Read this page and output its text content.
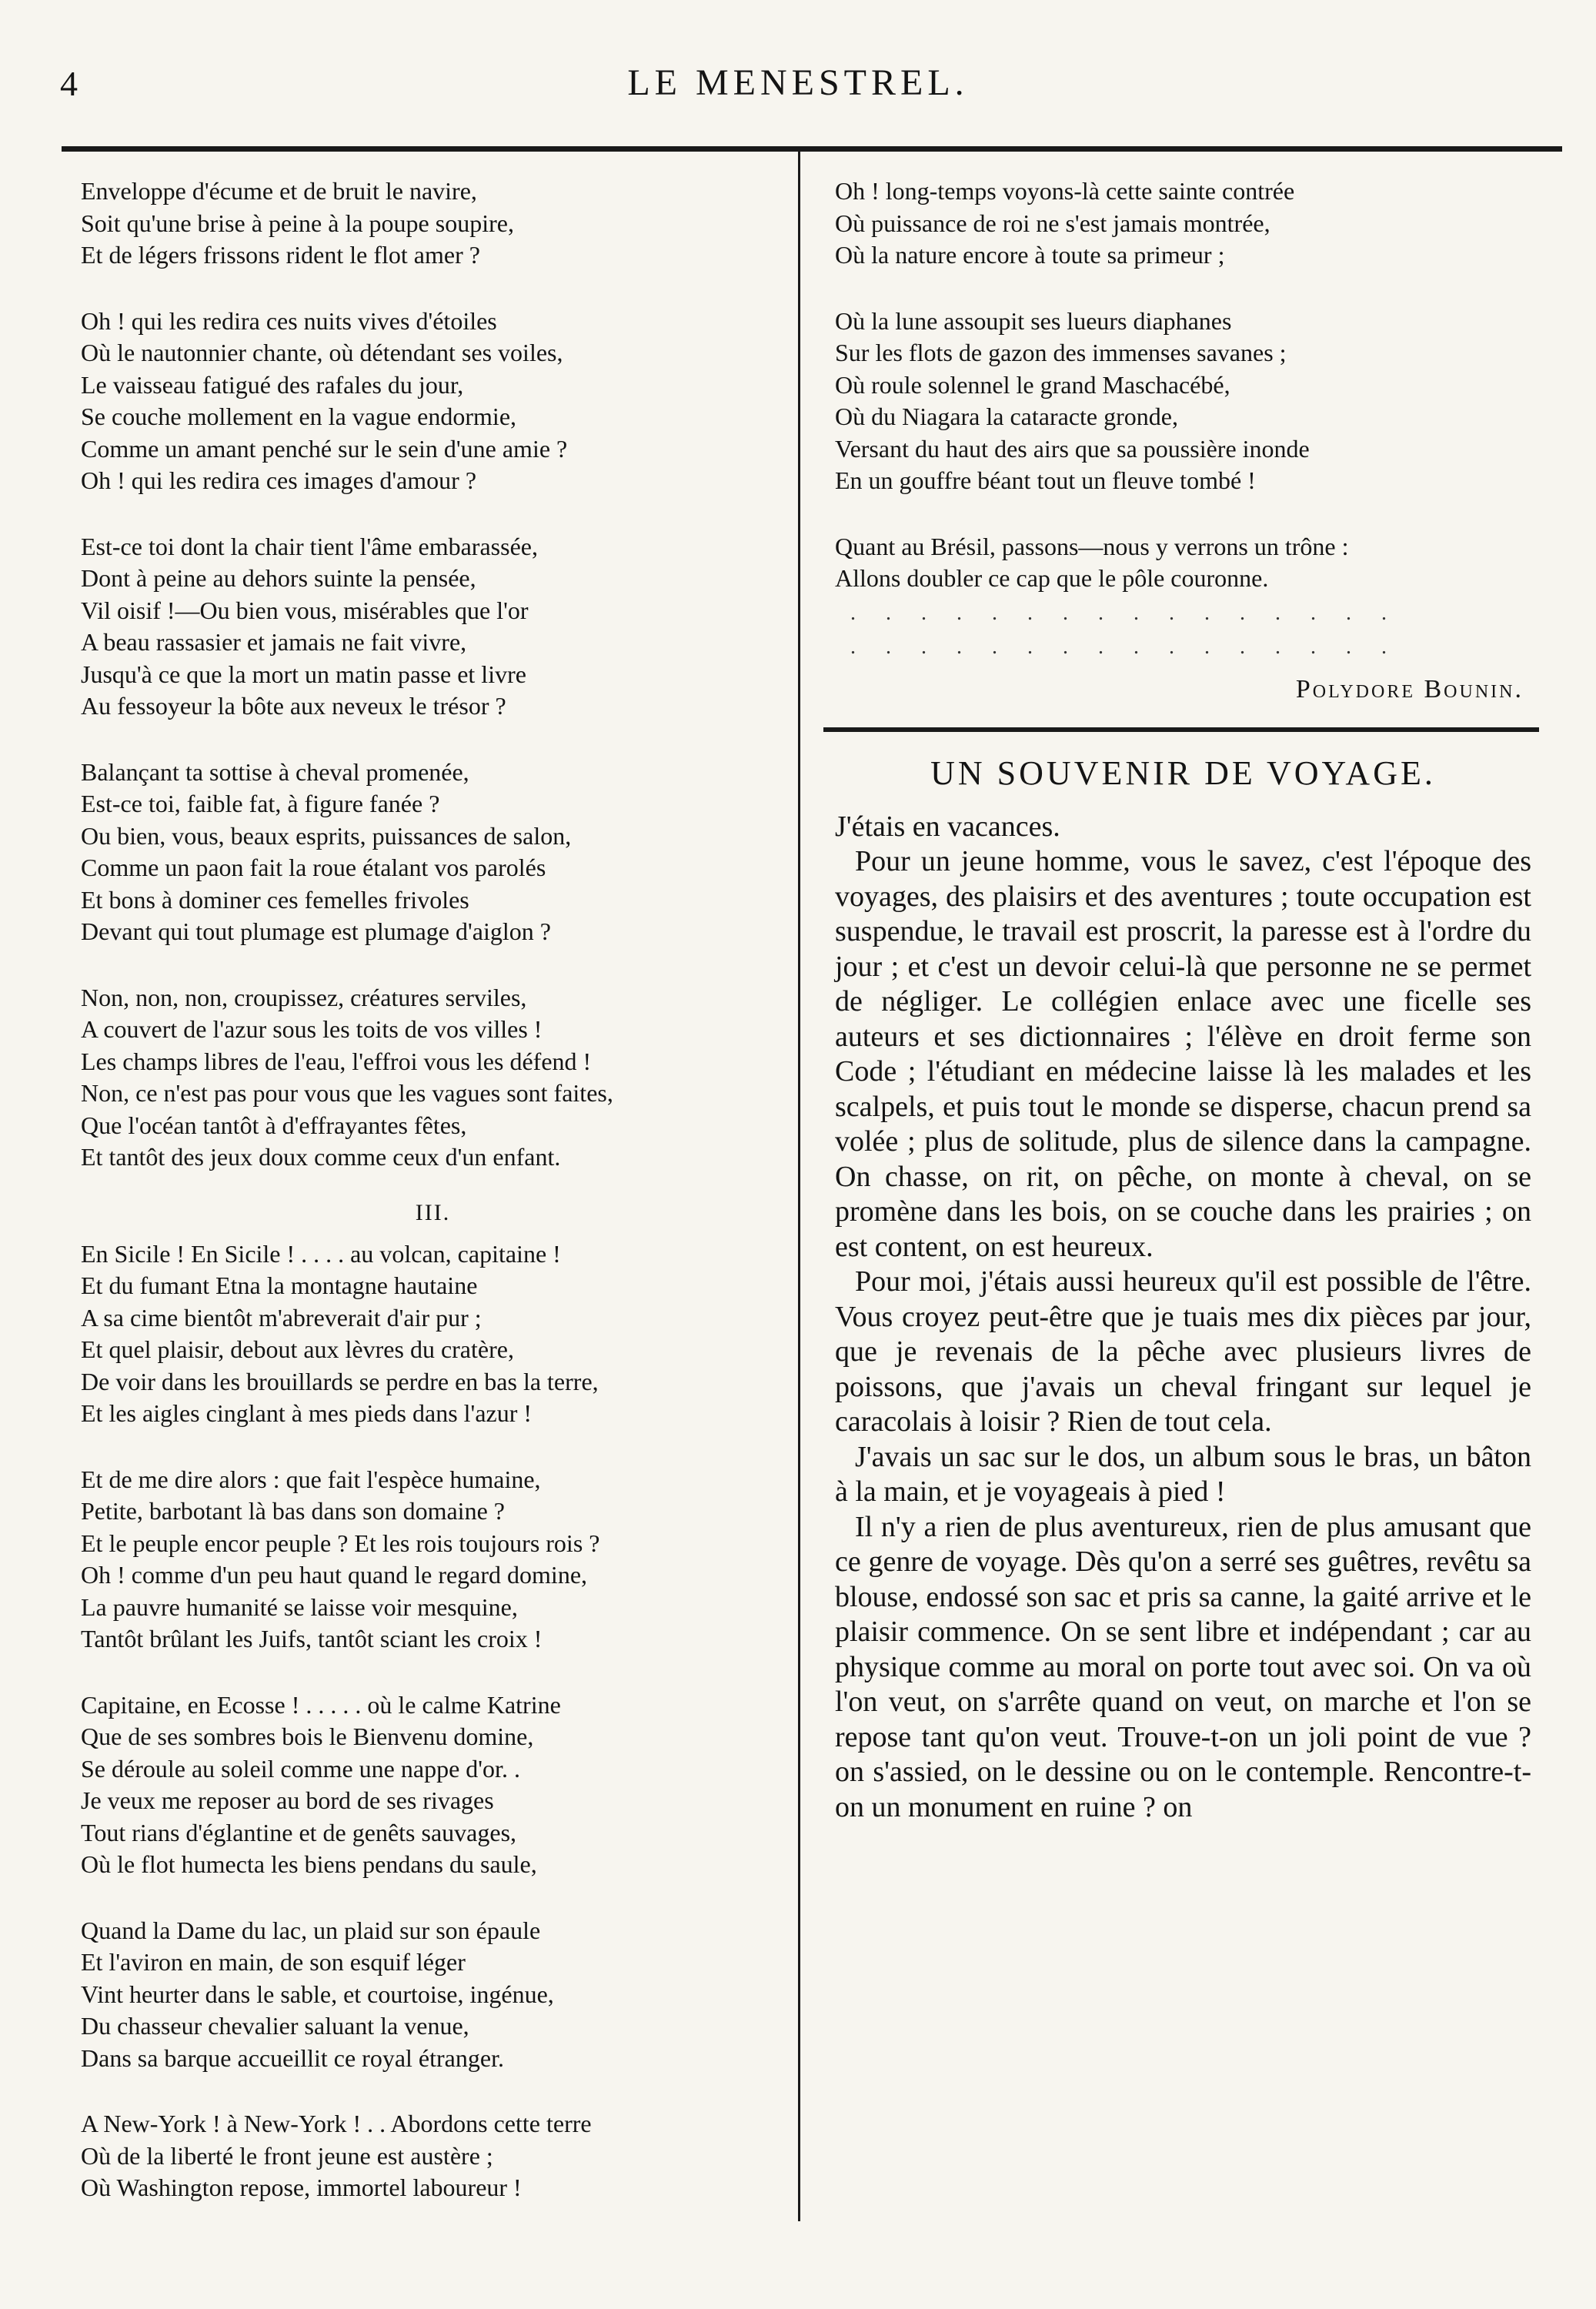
4	LE MENESTREL.
Enveloppe d'écume et de bruit le navire,
Soit qu'une brise à peine à la poupe soupire,
Et de légers frissons rident le flot amer ?
Oh ! qui les redira ces nuits vives d'étoiles
Où le nautonnier chante, où détendant ses voiles,
Le vaisseau fatigué des rafales du jour,
Se couche mollement en la vague endormie,
Comme un amant penché sur le sein d'une amie ?
Oh ! qui les redira ces images d'amour ?
Est-ce toi dont la chair tient l'âme embarassée,
Dont à peine au dehors suinte la pensée,
Vil oisif !—Ou bien vous, misérables que l'or
A beau rassasier et jamais ne fait vivre,
Jusqu'à ce que la mort un matin passe et livre
Au fessoyeur la bôte aux neveux le trésor ?
Balançant ta sottise à cheval promenée,
Est-ce toi, faible fat, à figure fanée ?
Ou bien, vous, beaux esprits, puissances de salon,
Comme un paon fait la roue étalant vos parolés
Et bons à dominer ces femelles frivoles
Devant qui tout plumage est plumage d'aiglon ?
Non, non, non, croupissez, créatures serviles,
A couvert de l'azur sous les toits de vos villes !
Les champs libres de l'eau, l'effroi vous les défend !
Non, ce n'est pas pour vous que les vagues sont faites,
Que l'océan tantôt à d'effrayantes fêtes,
Et tantôt des jeux doux comme ceux d'un enfant.
III.
En Sicile ! En Sicile ! . . . . au volcan, capitaine !
Et du fumant Etna la montagne hautaine
A sa cime bientôt m'abreverait d'air pur ;
Et quel plaisir, debout aux lèvres du cratère,
De voir dans les brouillards se perdre en bas la terre,
Et les aigles cinglant à mes pieds dans l'azur !
Et de me dire alors : que fait l'espèce humaine,
Petite, barbotant là bas dans son domaine ?
Et le peuple encor peuple ? Et les rois toujours rois ?
Oh ! comme d'un peu haut quand le regard domine,
La pauvre humanité se laisse voir mesquine,
Tantôt brûlant les Juifs, tantôt sciant les croix !
Capitaine, en Ecosse ! . . . . . où le calme Katrine
Que de ses sombres bois le Bienvenu domine,
Se déroule au soleil comme une nappe d'or. .
Je veux me reposer au bord de ses rivages
Tout rians d'églantine et de genêts sauvages,
Où le flot humecta les biens pendans du saule,
Quand la Dame du lac, un plaid sur son épaule
Et l'aviron en main, de son esquif léger
Vint heurter dans le sable, et courtoise, ingénue,
Du chasseur chevalier saluant la venue,
Dans sa barque accueillit ce royal étranger.
A New-York ! à New-York ! . . Abordons cette terre
Où de la liberté le front jeune est austère ;
Où Washington repose, immortel laboureur !
Oh ! long-temps voyons-là cette sainte contrée
Où puissance de roi ne s'est jamais montrée,
Où la nature encore à toute sa primeur ;
Où la lune assoupit ses lueurs diaphanes
Sur les flots de gazon des immenses savanes ;
Où roule solennel le grand Maschacébé,
Où du Niagara la cataracte gronde,
Versant du haut des airs que sa poussière inonde
En un gouffre béant tout un fleuve tombé !
Quant au Brésil, passons—nous y verrons un trône :
Allons doubler ce cap que le pôle couronne.
. . . . . . . . . . . . . . . .
. . . . . . . . . . . . . . . .
Polydore Bounin.
UN SOUVENIR DE VOYAGE.

J'étais en vacances.

Pour un jeune homme, vous le savez, c'est l'époque des voyages, des plaisirs et des aventures ; toute occupation est suspendue, le travail est proscrit, la paresse est à l'ordre du jour ; et c'est un devoir celui-là que personne ne se permet de négliger. Le collégien enlace avec une ficelle ses auteurs et ses dictionnaires ; l'élève en droit ferme son Code ; l'étudiant en médecine laisse là les malades et les scalpels, et puis tout le monde se disperse, chacun prend sa volée ; plus de solitude, plus de silence dans la campagne. On chasse, on rit, on pêche, on monte à cheval, on se promène dans les bois, on se couche dans les prairies ; on est content, on est heureux.

Pour moi, j'étais aussi heureux qu'il est possible de l'être. Vous croyez peut-être que je tuais mes dix pièces par jour, que je revenais de la pêche avec plusieurs livres de poissons, que j'avais un cheval fringant sur lequel je caracolais à loisir ? Rien de tout cela.

J'avais un sac sur le dos, un album sous le bras, un bâton à la main, et je voyageais à pied !

Il n'y a rien de plus aventureux, rien de plus amusant que ce genre de voyage. Dès qu'on a serré ses guêtres, revêtu sa blouse, endossé son sac et pris sa canne, la gaité arrive et le plaisir commence. On se sent libre et indépendant ; car au physique comme au moral on porte tout avec soi. On va où l'on veut, on s'arrête quand on veut, on marche et l'on se repose tant qu'on veut. Trouve-t-on un joli point de vue ? on s'assied, on le dessine ou on le contemple. Rencontre-t-on un monument en ruine ? on
